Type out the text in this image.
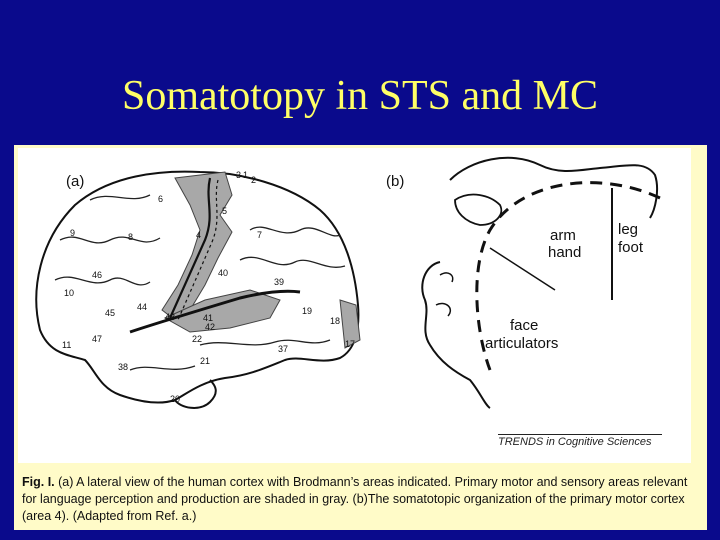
Somatotopy in STS and MC
(a)	(b)
3 1 2
6
5
4	7
9	8
46	40
39
10
44
45	43	41
42
22
19
18
17
11
47
37
21
38
20
arm hand
leg foot
face articulators
TRENDS in Cognitive Sciences
Fig. I. (a) A lateral view of the human cortex with Brodmann’s areas indicated. Primary motor and sensory areas relevant for language perception and production are shaded in gray. (b)The somatotopic organization of the primary motor cortex (area 4). (Adapted from Ref. a.)
